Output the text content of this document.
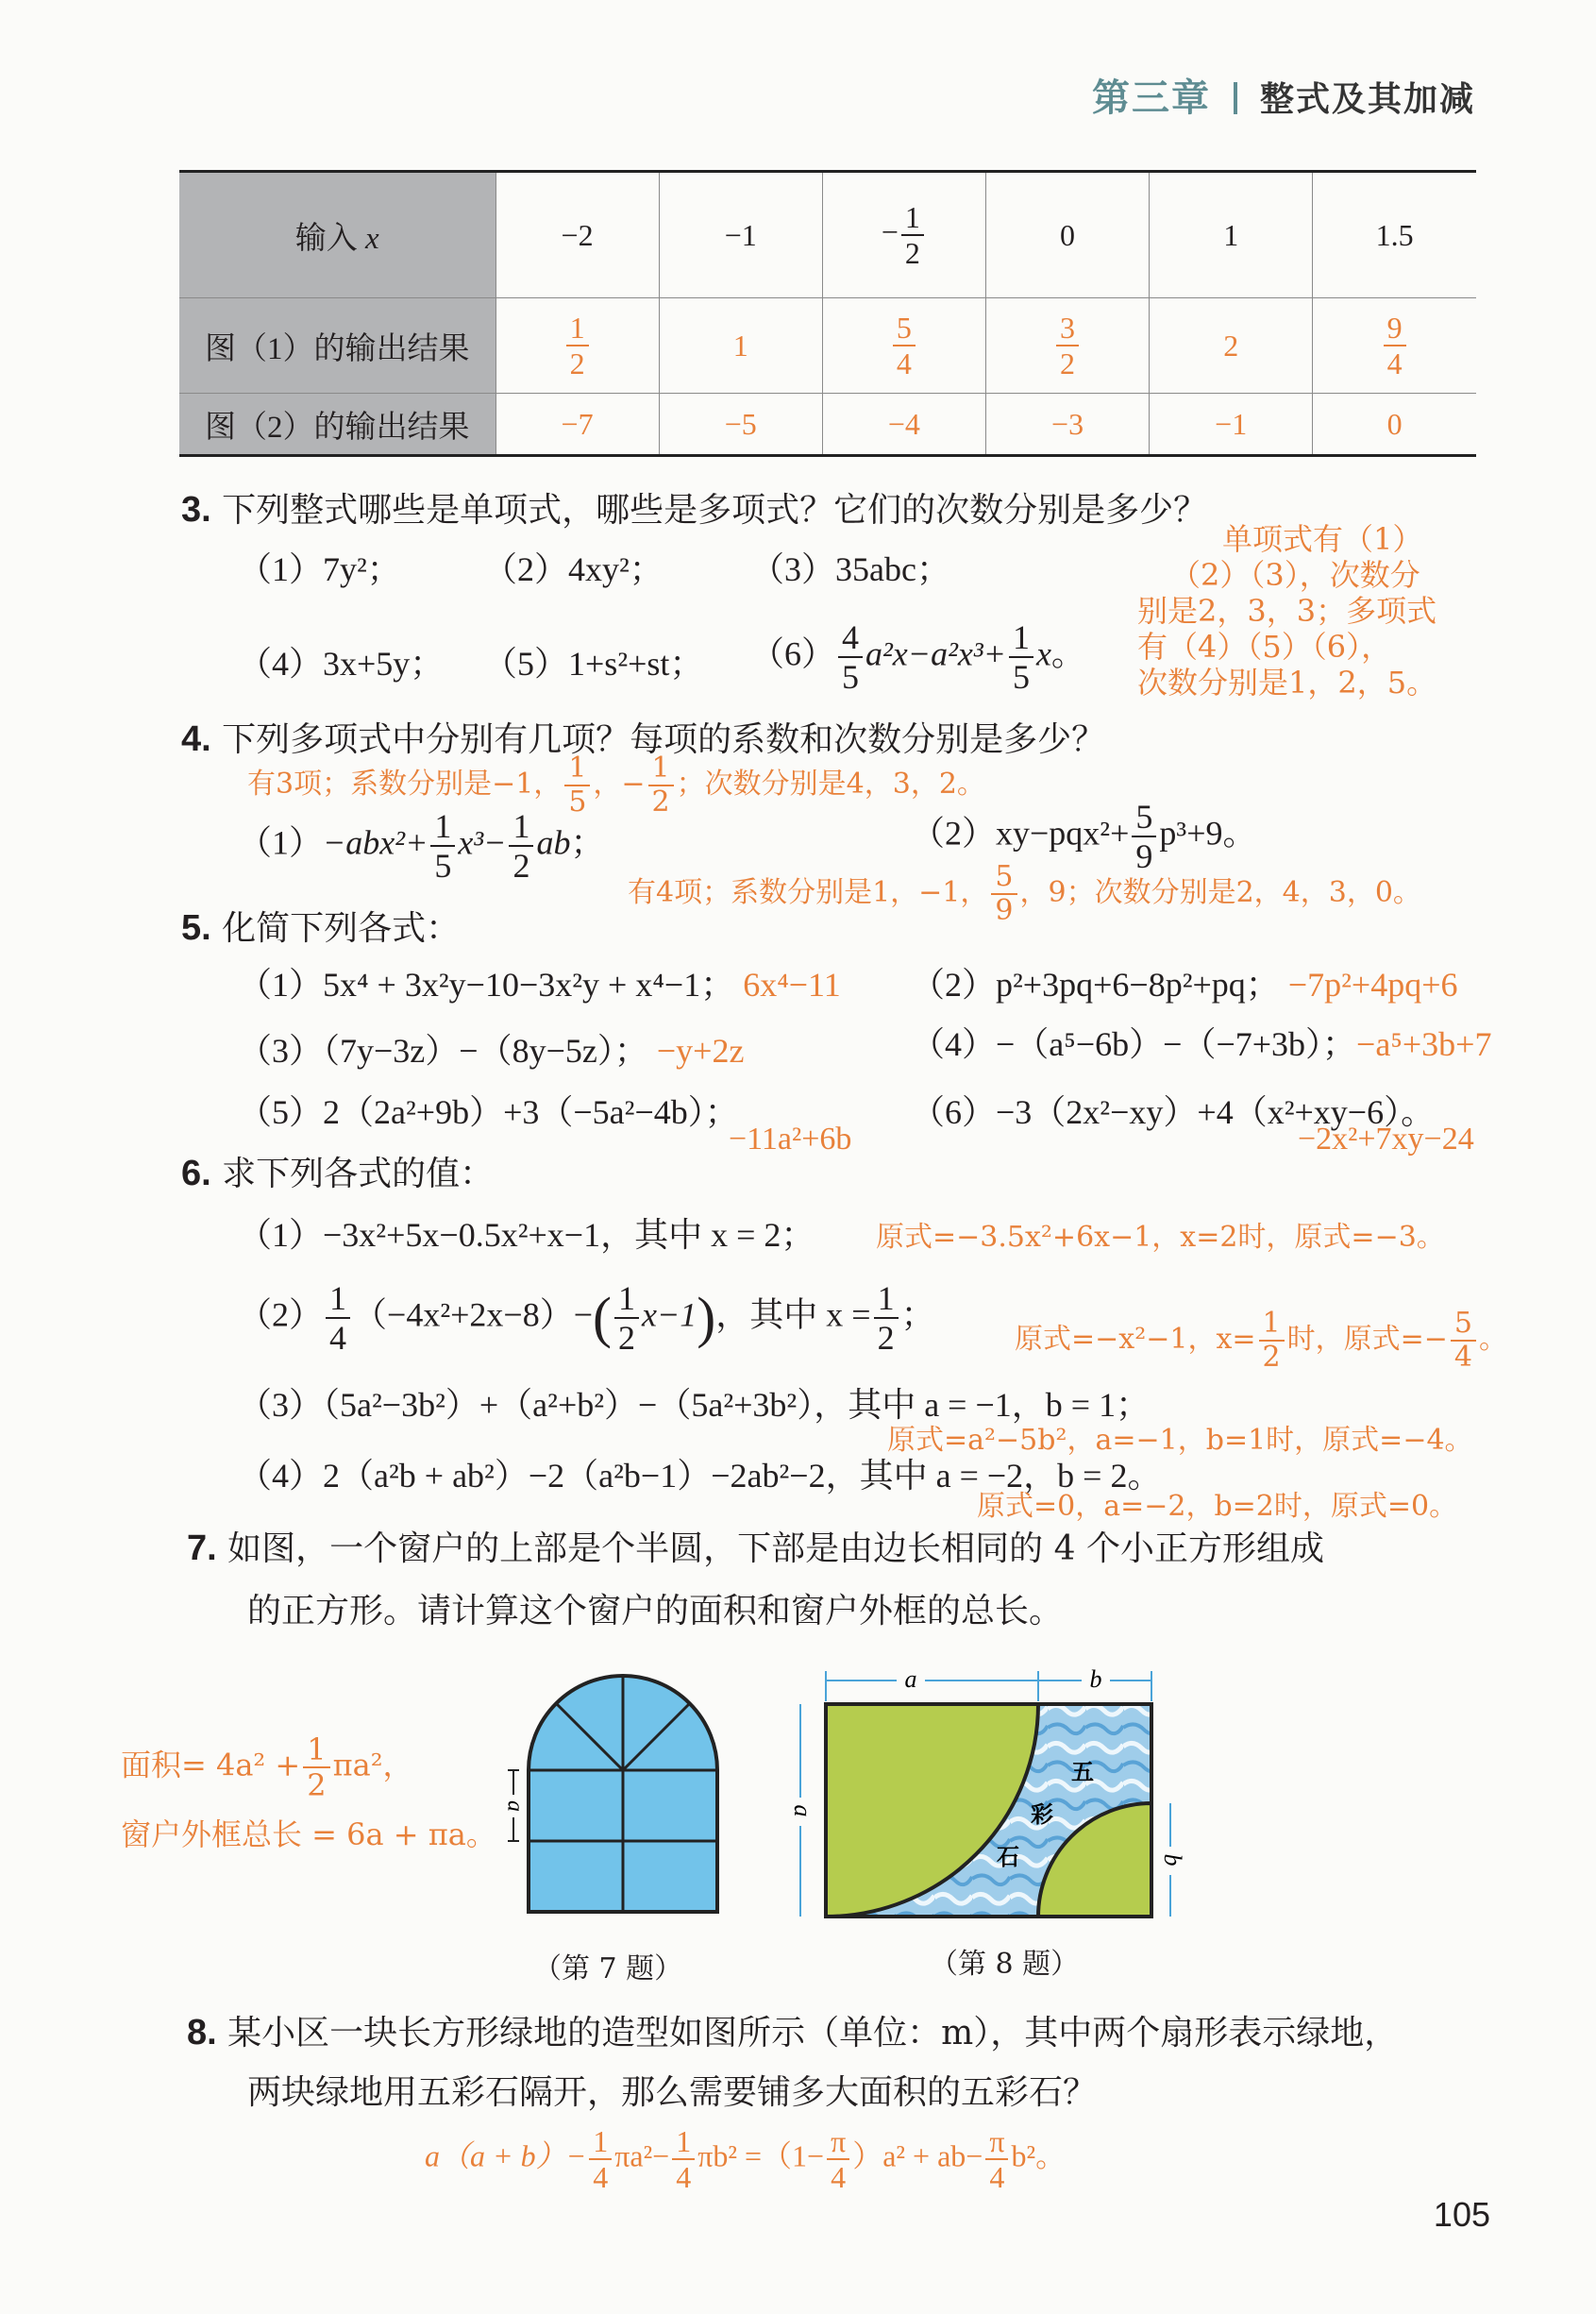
第三章 整式及其加减
输入 x	−2	−1	− $\frac{1}{2}$	0	1	1.5
图（1）的输出结果	$\frac{1}{2}$	1	$\frac{5}{4}$	$\frac{3}{2}$	2	$\frac{9}{4}$

图（2）的输出结果	−7	−5	−4	−3	−1	0
3. 下列整式哪些是单项式，哪些是多项式？它们的次数分别是多少？
（1）7y²； （2）4xy²；	（3）35abc；
（4）3x+5y； （5）1+s²+st； $(6) \frac{4}{5} a^2x-a^2x^3+ \frac{1}{5}$ x。
单项式有（1）
（2）（3），次数分
别是2，3，3；多项式
有（4）（5）（6），
次数分别是1，2，5。
4. 下列多项式中分别有几项？每项的系数和次数分别是多少？
有3项；系数分别是−1， $\frac{1}{5}$ ，− $\frac{1}{2}$ ；次数分别是4，3，2。
$(1)-abx^2+ \frac{1}{5} x^3- \frac{1}{2}$ ab；	$(2)xy-pqx^2+ \frac{5}{9} p^3+9$。
有4项；系数分别是1，−1， $\frac{5}{9}$ ，9；次数分别是2，4，3，0。
5. 化简下列各式：
（1）5x⁴ + 3x²y−10−3x²y + x⁴−1； 6x⁴−11 （2）p²+3pq+6−8p²+pq； −7p²+4pq+6
（3）（7y−3z）−（8y−5z）； −y+2z	（4）−（a⁵−6b）−（−7+3b）；−a⁵+3b+7
（5）2（2a²+9b）+3（−5a²−4b）；
−11a²+6b
（6）−3（2x²−xy）+4（x²+xy−6）。
−2x²+7xy−24
6. 求下列各式的值：
（1）−3x²+5x−0.5x²+x−1，其中 x = 2； 原式=−3.5x²+6x−1，x=2时，原式=−3。
$(2) \frac{1}{4} (-4x^2+2x-8)-( \frac{1}{2} x-1)$，其中 $x = \frac{1}{2}$ ；
原式=−x²−1，$x= \frac{1}{2}$ 时，原式=− $\frac{5}{4}$ 。
（3）（5a²−3b²）+（a²+b²）−（5a²+3b²），其中 a = −1，b = 1；
原式=a²−5b²，a=−1，b=1时，原式=−4。
（4）2（a²b + ab²）−2（a²b−1）−2ab²−2，其中 a = −2，b = 2。
原式=0，a=−2，b=2时，原式=0。
7. 如图，一个窗户的上部是个半圆，下部是由边长相同的 4 个小正方形组成
的正方形。请计算这个窗户的面积和窗户外框的总长。
面积= $4a^2 + \frac{1}{2} \pi a^2$，
窗户外框总长 = 6a + πa。
a
（第 7 题）
a	b
a
b
五
彩
石
（第 8 题）
8. 某小区一块长方形绿地的造型如图所示（单位：m），其中两个扇形表示绿地，
两块绿地用五彩石隔开，那么需要铺多大面积的五彩石？
$a(a + b)- \frac{1}{4} \pi a^2- \frac{1}{4} \pi b^2 =(1- \frac{\pi}{4} )a^2 + ab- \frac{\pi}{4} b^2$。
105
